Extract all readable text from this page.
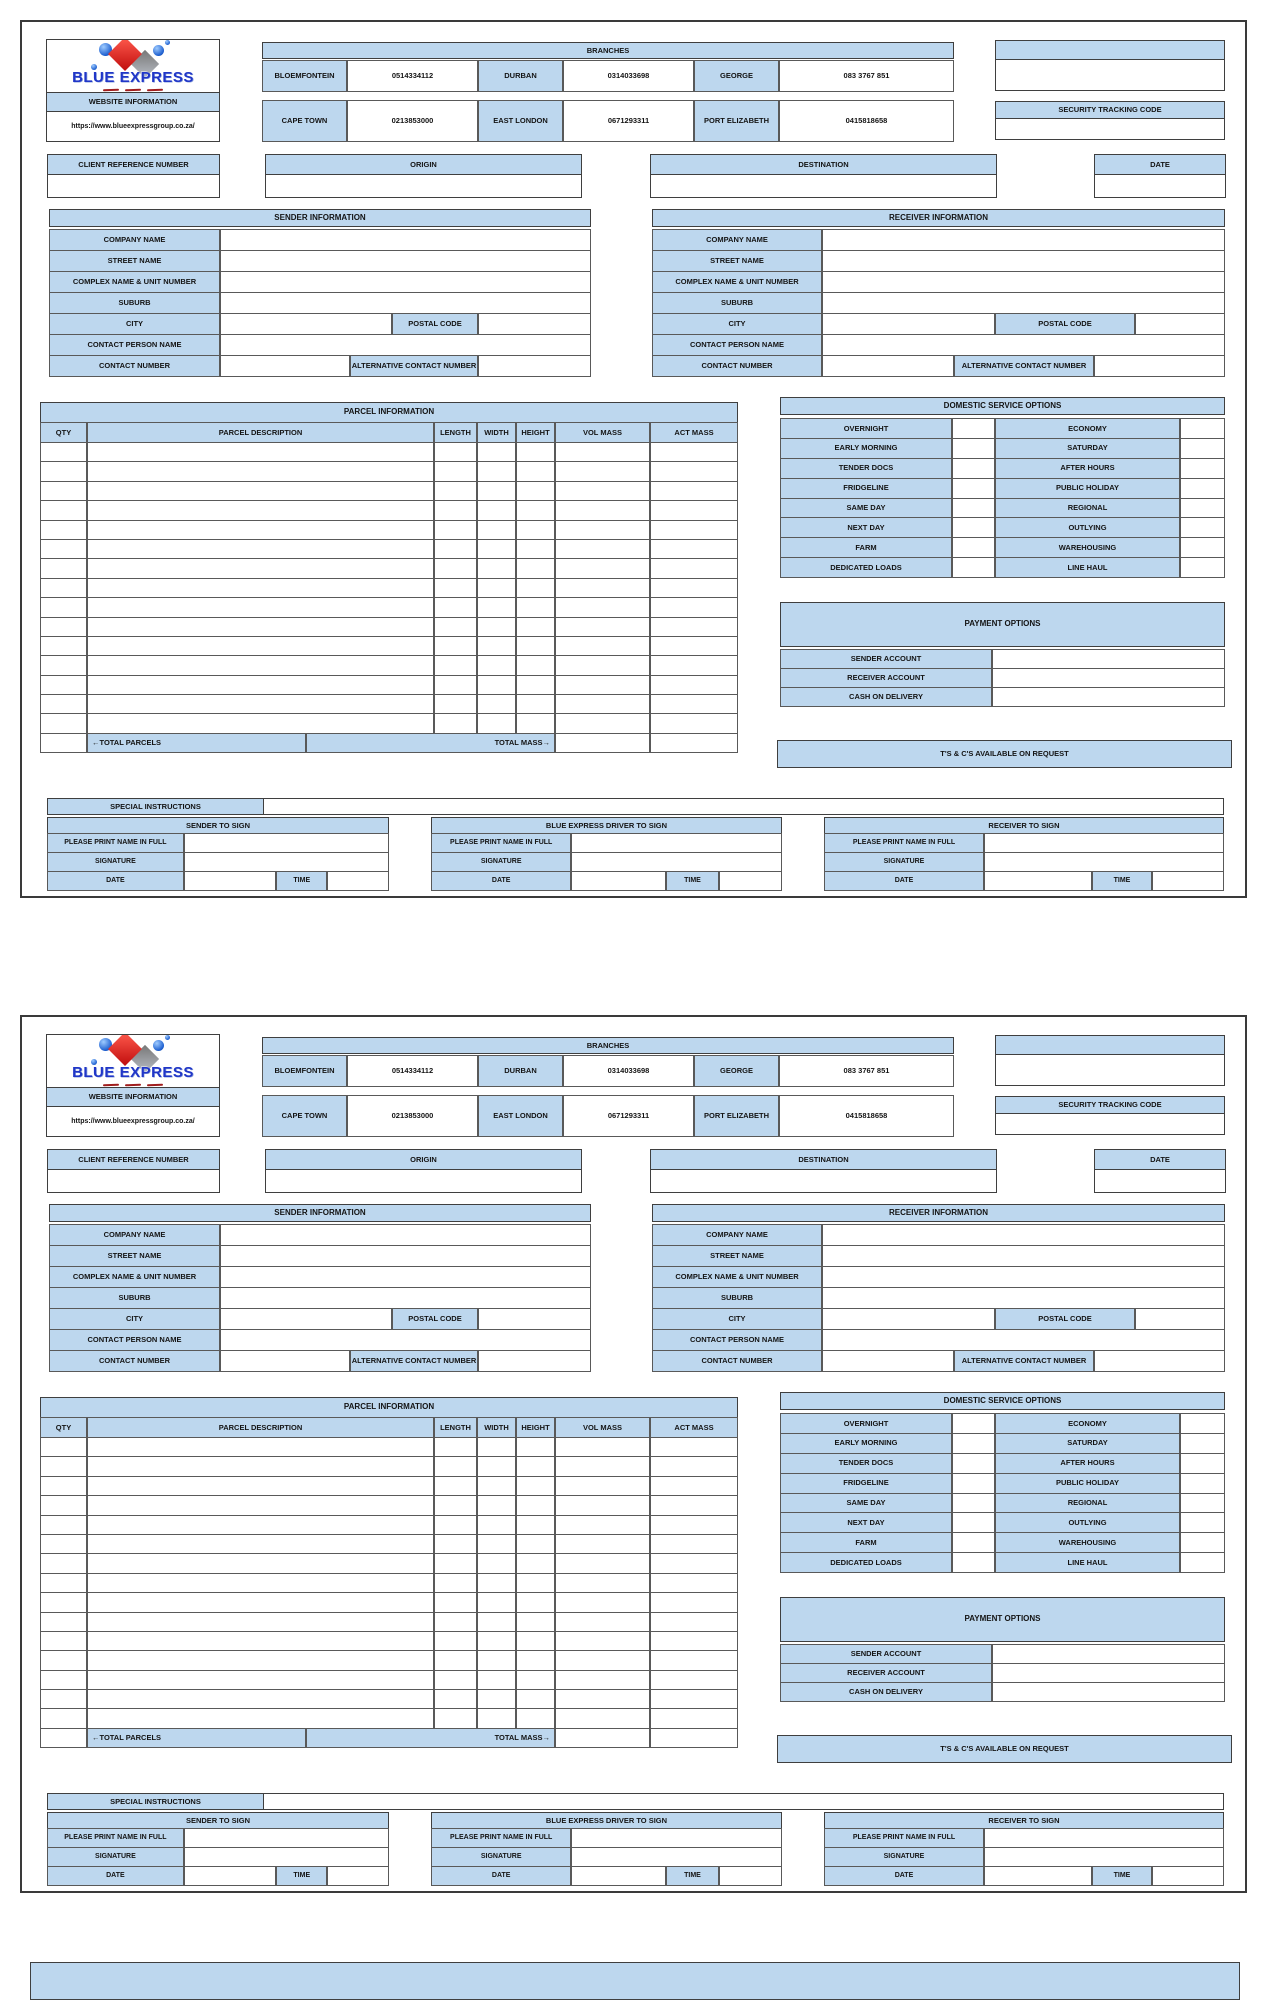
BLUE EXPRESS
WEBSITE INFORMATION
https://www.blueexpressgroup.co.za/
BRANCHES
BLOEMFONTEIN	0514334112	DURBAN	0314033698	GEORGE	083 3767 851
CAPE TOWN	0213853000	EAST LONDON	0671293311	PORT ELIZABETH	0415818658
SECURITY TRACKING CODE
CLIENT REFERENCE NUMBER	ORIGIN	DESTINATION	DATE
SENDER INFORMATION
COMPANY NAME
STREET NAME
COMPLEX NAME & UNIT NUMBER
SUBURB
CITY	POSTAL CODE
CONTACT PERSON NAME
CONTACT NUMBER	ALTERNATIVE CONTACT NUMBER
RECEIVER INFORMATION
COMPANY NAME
STREET NAME
COMPLEX NAME & UNIT NUMBER
SUBURB
CITY	POSTAL CODE
CONTACT PERSON NAME
CONTACT NUMBER	ALTERNATIVE CONTACT NUMBER
PARCEL INFORMATION
QTY	PARCEL DESCRIPTION	LENGTH	WIDTH	HEIGHT	VOL MASS	ACT MASS
←TOTAL PARCELS	TOTAL MASS→
DOMESTIC SERVICE OPTIONS
OVERNIGHT	ECONOMY
EARLY MORNING	SATURDAY
TENDER DOCS	AFTER HOURS
FRIDGELINE	PUBLIC HOLIDAY
SAME DAY	REGIONAL
NEXT DAY	OUTLYING
FARM	WAREHOUSING
DEDICATED LOADS	LINE HAUL
PAYMENT OPTIONS
SENDER ACCOUNT
RECEIVER ACCOUNT
CASH ON DELIVERY
T'S & C'S AVAILABLE ON REQUEST
SPECIAL INSTRUCTIONS
SENDER TO SIGN
PLEASE PRINT NAME IN FULL
SIGNATURE
DATE	TIME
BLUE EXPRESS DRIVER TO SIGN
PLEASE PRINT NAME IN FULL
SIGNATURE
DATE	TIME
RECEIVER TO SIGN
PLEASE PRINT NAME IN FULL
SIGNATURE
DATE	TIME
BLUE EXPRESS
WEBSITE INFORMATION
https://www.blueexpressgroup.co.za/
BRANCHES
BLOEMFONTEIN	0514334112	DURBAN	0314033698	GEORGE	083 3767 851
CAPE TOWN	0213853000	EAST LONDON	0671293311	PORT ELIZABETH	0415818658
SECURITY TRACKING CODE
CLIENT REFERENCE NUMBER	ORIGIN	DESTINATION	DATE
SENDER INFORMATION
COMPANY NAME
STREET NAME
COMPLEX NAME & UNIT NUMBER
SUBURB
CITY	POSTAL CODE
CONTACT PERSON NAME
CONTACT NUMBER	ALTERNATIVE CONTACT NUMBER
RECEIVER INFORMATION
COMPANY NAME
STREET NAME
COMPLEX NAME & UNIT NUMBER
SUBURB
CITY	POSTAL CODE
CONTACT PERSON NAME
CONTACT NUMBER	ALTERNATIVE CONTACT NUMBER
PARCEL INFORMATION
QTY	PARCEL DESCRIPTION	LENGTH	WIDTH	HEIGHT	VOL MASS	ACT MASS
←TOTAL PARCELS	TOTAL MASS→
DOMESTIC SERVICE OPTIONS
OVERNIGHT	ECONOMY
EARLY MORNING	SATURDAY
TENDER DOCS	AFTER HOURS
FRIDGELINE	PUBLIC HOLIDAY
SAME DAY	REGIONAL
NEXT DAY	OUTLYING
FARM	WAREHOUSING
DEDICATED LOADS	LINE HAUL
PAYMENT OPTIONS
SENDER ACCOUNT
RECEIVER ACCOUNT
CASH ON DELIVERY
T'S & C'S AVAILABLE ON REQUEST
SPECIAL INSTRUCTIONS
SENDER TO SIGN
PLEASE PRINT NAME IN FULL
SIGNATURE
DATE	TIME
BLUE EXPRESS DRIVER TO SIGN
PLEASE PRINT NAME IN FULL
SIGNATURE
DATE	TIME
RECEIVER TO SIGN
PLEASE PRINT NAME IN FULL
SIGNATURE
DATE	TIME
